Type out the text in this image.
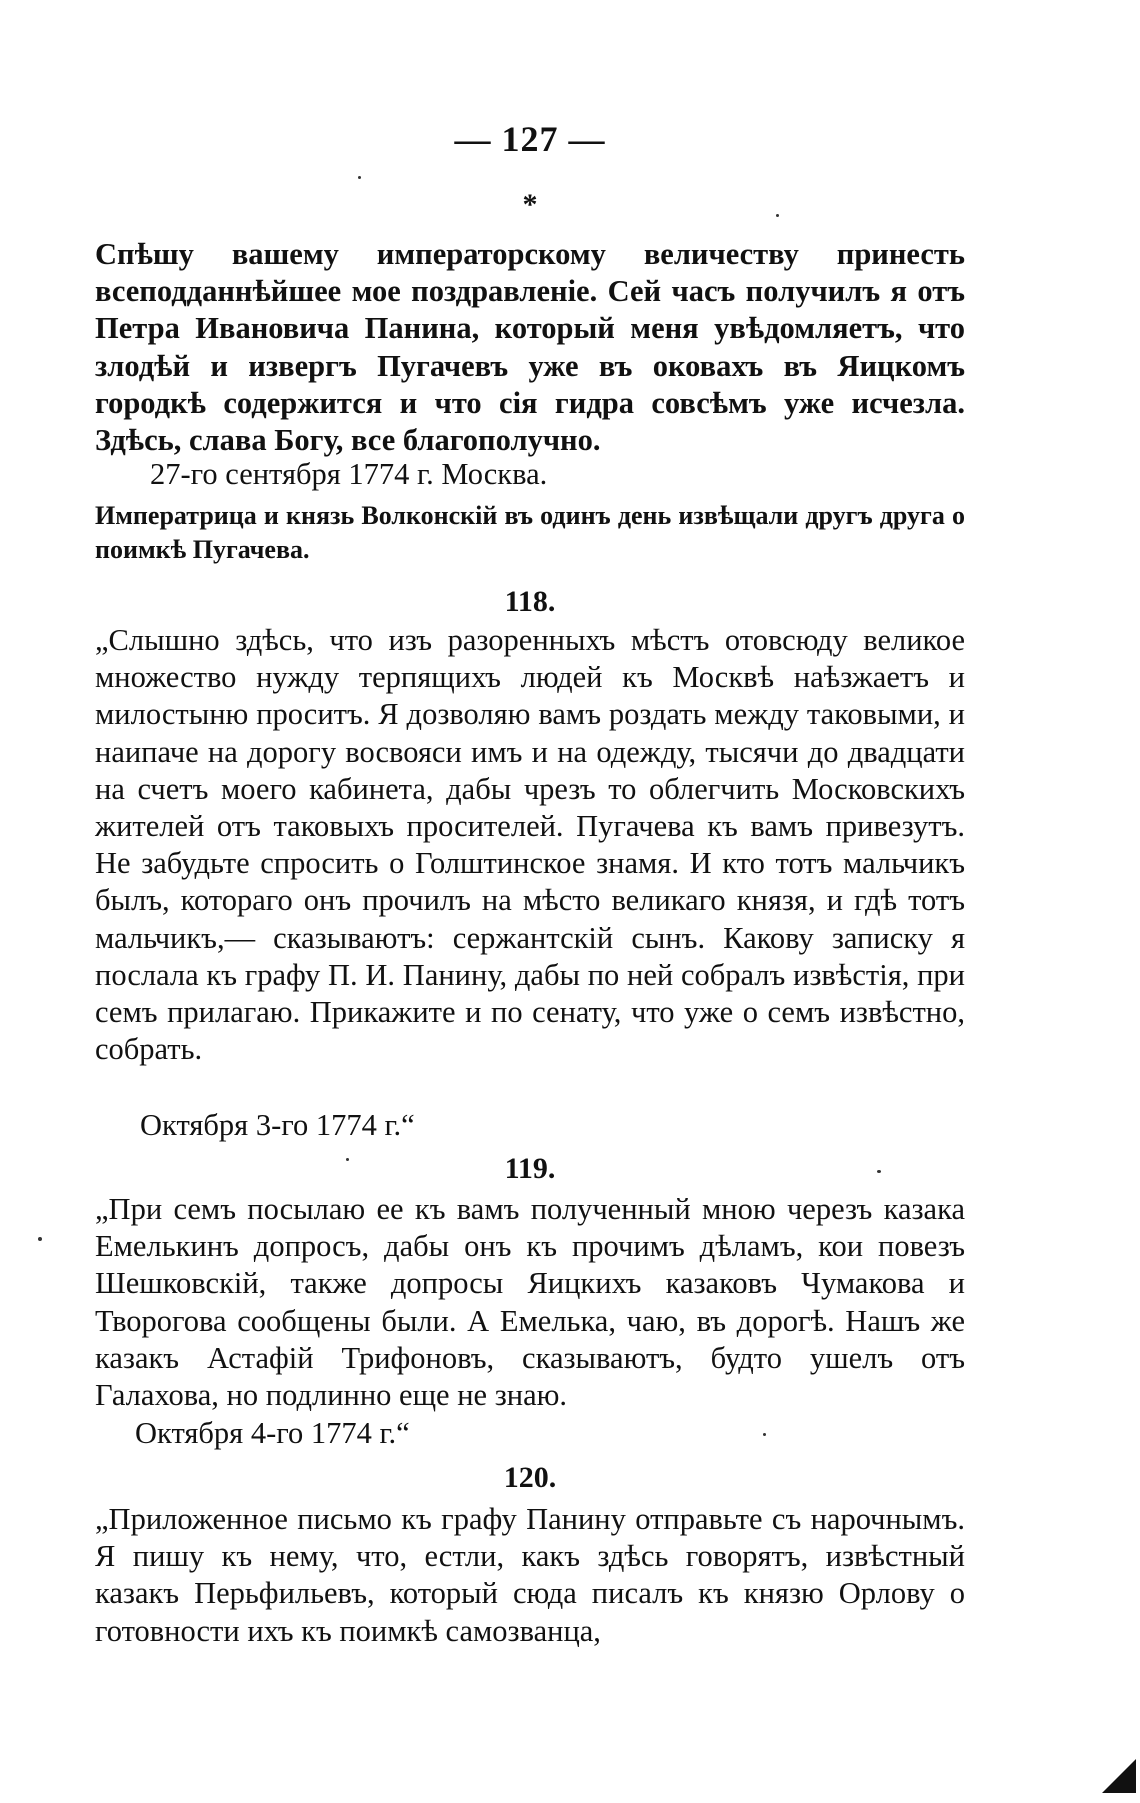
— 127 —
*

Спѣшу вашему императорскому величеству принесть всеподданнѣйшее мое поздравленіе. Сей часъ получилъ я отъ Петра Ивановича Панина, который меня увѣдомляетъ, что злодѣй и извергъ Пугачевъ уже въ оковахъ въ Яицкомъ городкѣ содержится и что сія гидра совсѣмъ уже исчезла. Здѣсь, слава Богу, все благополучно.

27-го сентября 1774 г. Москва.

Императрица и князь Волконскій въ одинъ день извѣщали другъ друга о поимкѣ Пугачева.

118.

„Слышно здѣсь, что изъ разоренныхъ мѣстъ отовсюду великое множество нужду терпящихъ людей къ Москвѣ наѣзжаетъ и милостыню проситъ. Я дозволяю вамъ роздать между таковыми, и наипаче на дорогу восвояси имъ и на одежду, тысячи до двадцати на счетъ моего кабинета, дабы чрезъ то облегчить Московскихъ жителей отъ таковыхъ просителей. Пугачева къ вамъ привезутъ. Не забудьте спросить о Голштинское знамя. И кто тотъ мальчикъ былъ, котораго онъ прочилъ на мѣсто великаго князя, и гдѣ тотъ мальчикъ,— сказываютъ: сержантскій сынъ. Какову записку я послала къ графу П. И. Панину, дабы по ней собралъ извѣстія, при семъ прилагаю. Прикажите и по сенату, что уже о семъ извѣстно, собрать.

Октября 3-го 1774 г.“
119.

„При семъ посылаю ее къ вамъ полученный мною черезъ казака Емелькинъ допросъ, дабы онъ къ прочимъ дѣламъ, кои повезъ Шешковскій, также допросы Яицкихъ казаковъ Чумакова и Творогова сообщены были. А Емелька, чаю, въ дорогѣ. Нашъ же казакъ Астафій Трифоновъ, сказываютъ, будто ушелъ отъ Галахова, но подлинно еще не знаю.

Октября 4-го 1774 г.“
120.

„Приложенное письмо къ графу Панину отправьте съ нарочнымъ. Я пишу къ нему, что, естли, какъ здѣсь говорятъ, извѣстный казакъ Перьфильевъ, который сюда писалъ къ князю Орлову о готовности ихъ къ поимкѣ самозванца,
